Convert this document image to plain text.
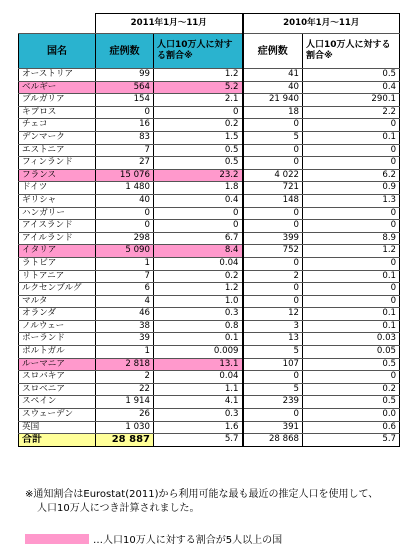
	2011年1月～11月		2010年1月～11月	
国名	症例数	人口10万人に対する割合※	症例数	人口10万人に対する割合※
オーストリア	99	1.2	41	0.5
ベルギー	564	5.2	40	0.4
ブルガリア	154	2.1	21 940	290.1
キプロス	0	0	18	2.2
チェコ	16	0.2	0	0
デンマーク	83	1.5	5	0.1
エストニア	7	0.5	0	0
フィンランド	27	0.5	0	0
フランス	15 076	23.2	4 022	6.2
ドイツ	1 480	1.8	721	0.9
ギリシャ	40	0.4	148	1.3
ハンガリー	0	0	0	0
アイスランド	0	0	0	0
アイルランド	298	6.7	399	8.9
イタリア	5 090	8.4	752	1.2
ラトビア	1	0.04	0	0
リトアニア	7	0.2	2	0.1
ルクセンブルグ	6	1.2	0	0
マルタ	4	1.0	0	0
オランダ	46	0.3	12	0.1
ノルウェー	38	0.8	3	0.1
ポーランド	39	0.1	13	0.03
ポルトガル	1	0.009	5	0.05
ルーマニア	2 818	13.1	107	0.5
スロバキア	2	0.04	0	0
スロベニア	22	1.1	5	0.2
スペイン	1 914	4.1	239	0.5
スウェーデン	26	0.3	0	0.0
英国	1 030	1.6	391	0.6
合計	28 887	5.7	28 868	5.7
※通知割合はEurostat(2011)から利用可能な最も最近の推定人口を使用して、
人口10万人につき計算されました。
…人口10万人に対する割合が5人以上の国
